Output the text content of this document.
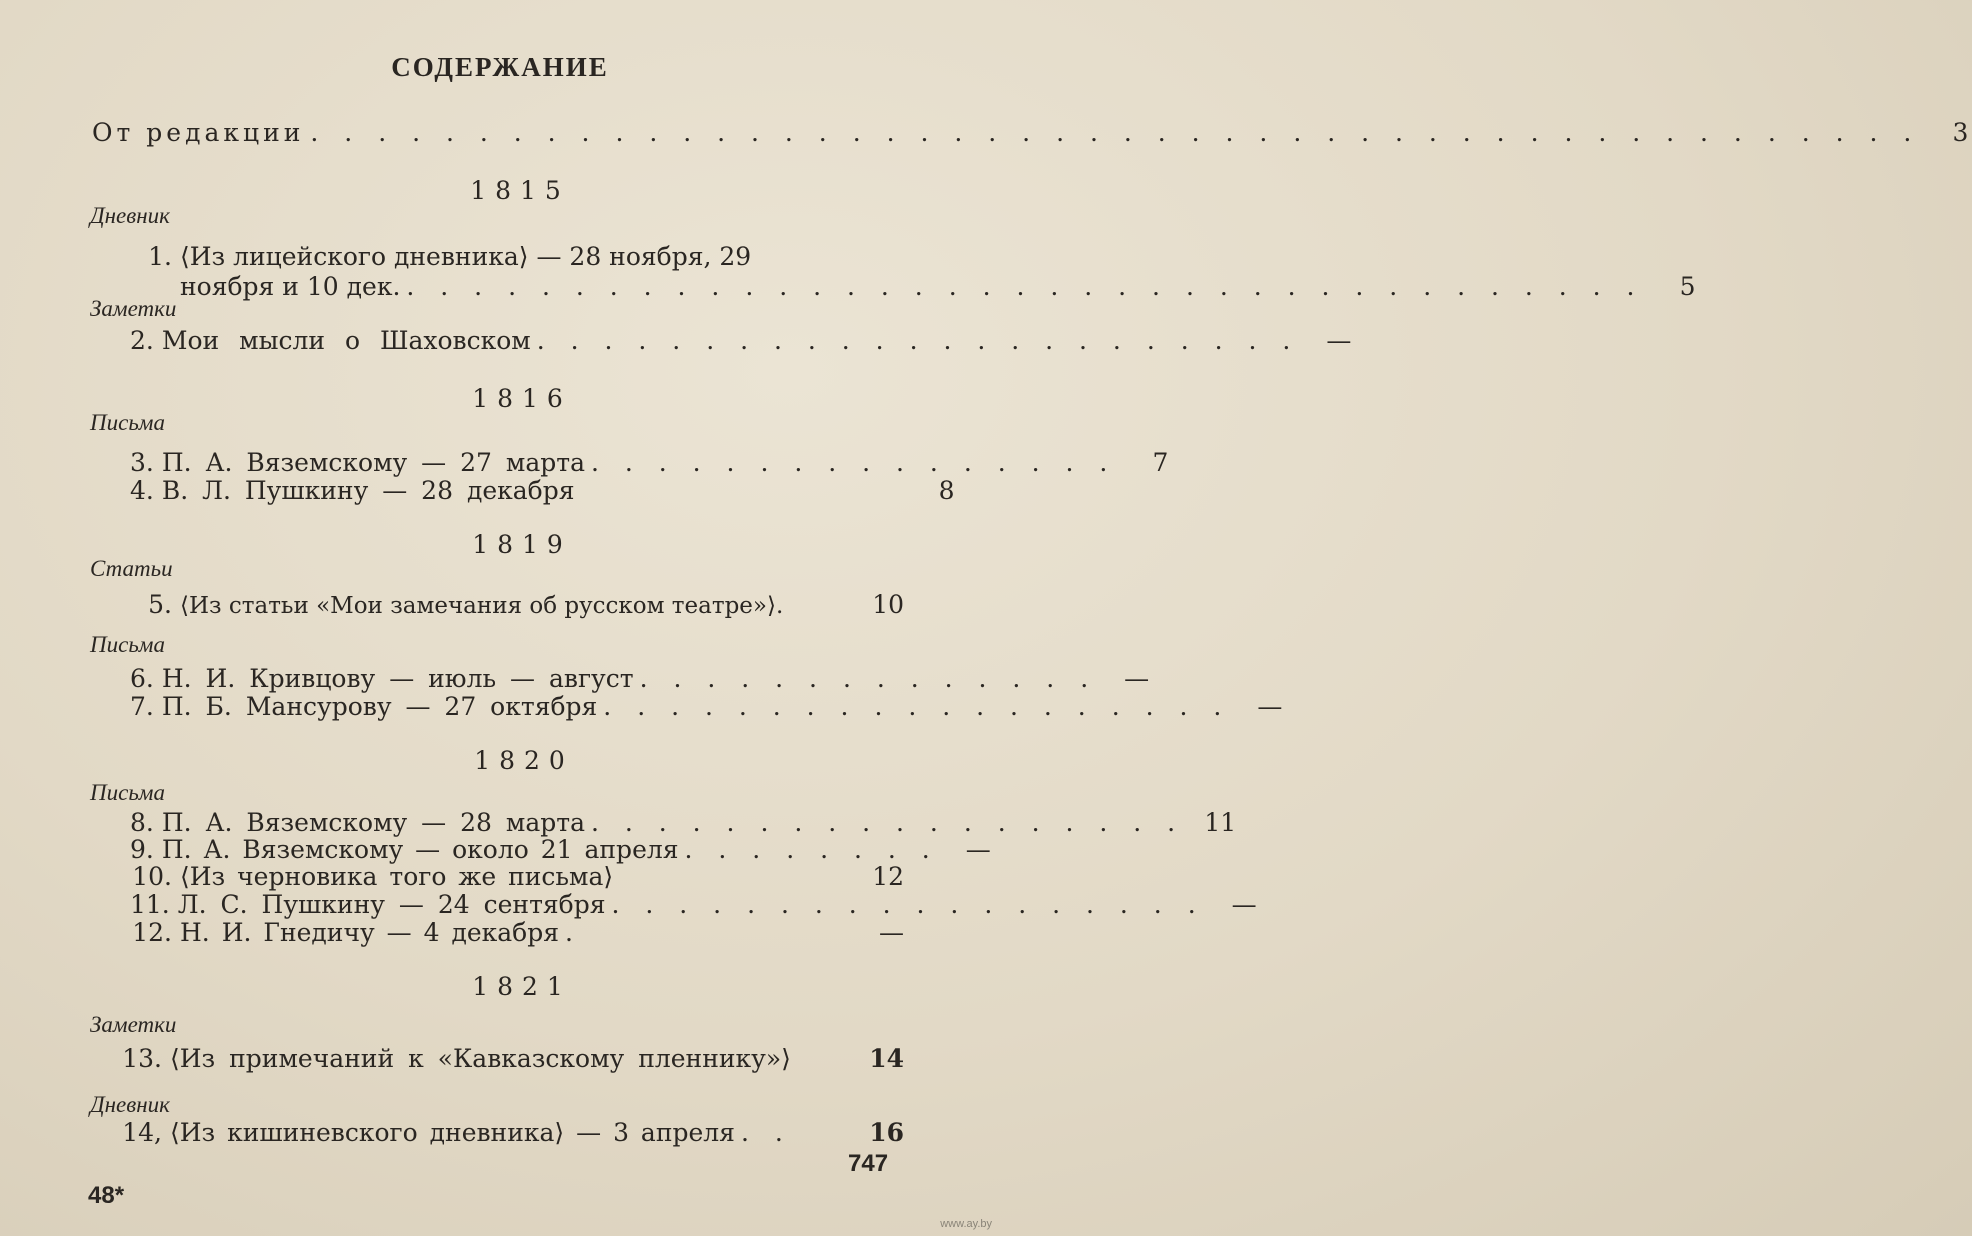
СОДЕРЖАНИЕ
От редакции . . . . . . . . . . . . . . . . . . . . . . . . . . . . . . . . . . . . . . . . . . . . . . . .	3
1815
Дневник
1. ⟨Из лицейского дневника⟩ — 28 ноября, 29
ноября и 10 дек. . . . . . . . . . . . . . . . . . . . . . . . . . . . . . . . . . . . . .	5
Заметки
2. Мои мысли о Шаховском . . . . . . . . . . . . . . . . . . . . . . .	—
1816
Письма
3. П. А. Вяземскому — 27 марта . . . . . . . . . . . . . . . .	7
4. В. Л. Пушкину — 28 декабря	8
1819
Статьи
5. ⟨Из статьи «Мои замечания об русском театре»⟩.	10
Письма
6. Н. И. Кривцову — июль — август . . . . . . . . . . . . . .	—
7. П. Б. Мансурову — 27 октября . . . . . . . . . . . . . . . . . . .	—
1820
Письма
8. П. А. Вяземскому — 28 марта . . . . . . . . . . . . . . . . . . 11
9. П. А. Вяземскому — около 21 апреля . . . . . . . .	—
10. ⟨Из черновика того же письма⟩	12
11. Л. С. Пушкину — 24 сентября . . . . . . . . . . . . . . . . . .	—
12. Н. И. Гнедичу — 4 декабря .	—
1821
Заметки
13. ⟨Из примечаний к «Кавказскому пленнику»⟩	14
Дневник
14, ⟨Из кишиневского дневника⟩ — 3 апреля . .	16
747
48*
www.ay.by
